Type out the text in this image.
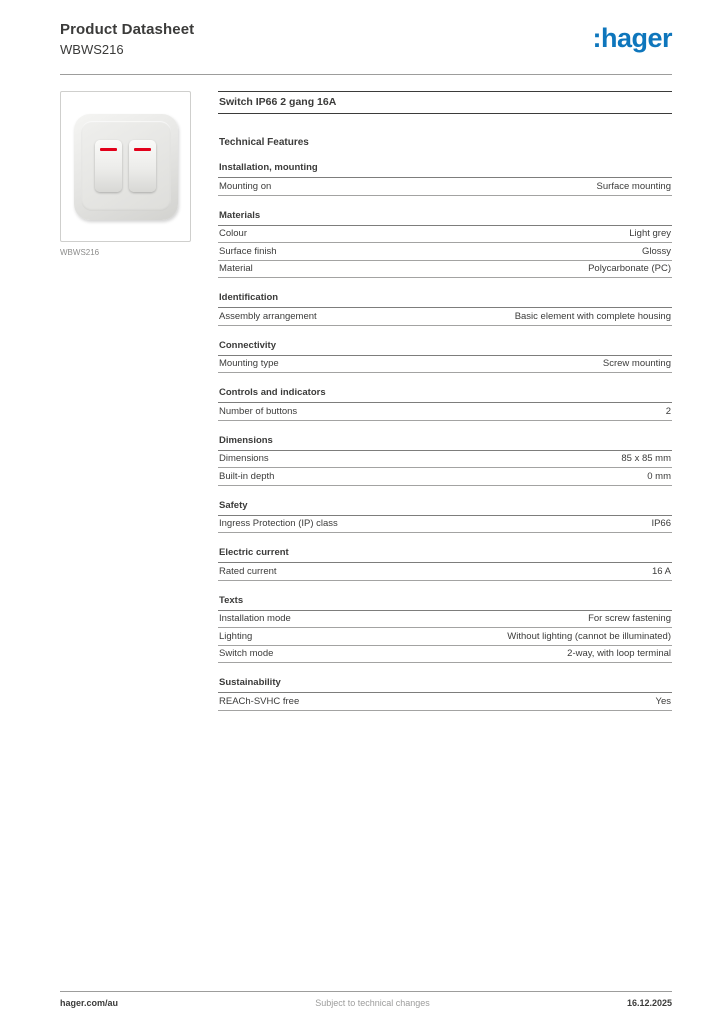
Product Datasheet
WBWS216	:hager
WBWS216
Switch IP66 2 gang 16A
Technical Features
Installation, mounting
Mounting on	Surface mounting
Materials
Colour	Light grey
Surface finish	Glossy
Material	Polycarbonate (PC)
Identification
Assembly arrangement	Basic element with complete housing
Connectivity
Mounting type	Screw mounting
Controls and indicators
Number of buttons	2
Dimensions
Dimensions	85 x 85 mm
Built-in depth	0 mm
Safety
Ingress Protection (IP) class	IP66
Electric current
Rated current	16 A
Texts
Installation mode	For screw fastening
Lighting	Without lighting (cannot be illuminated)
Switch mode	2-way, with loop terminal
Sustainability
REACh-SVHC free	Yes
hager.com/au	Subject to technical changes	16.12.2025
